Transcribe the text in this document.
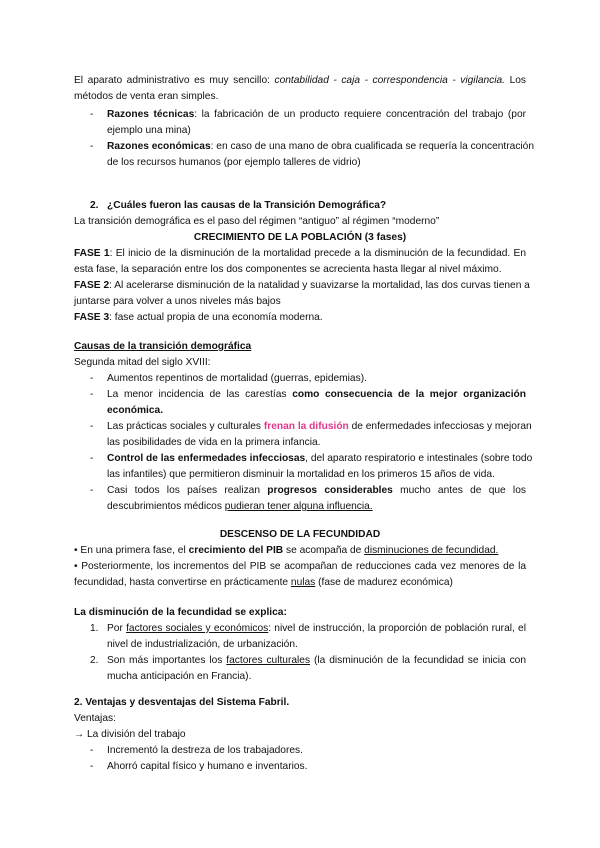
El aparato administrativo es muy sencillo: contabilidad - caja - correspondencia - vigilancia. Los
métodos de venta eran simples.
-	Razones técnicas: la fabricación de un producto requiere concentración del trabajo (por
ejemplo una mina)
-	Razones económicas: en caso de una mano de obra cualificada se requería la concentración
de los recursos humanos (por ejemplo talleres de vidrio)
2. ¿Cuáles fueron las causas de la Transición Demográfica?
La transición demográfica es el paso del régimen “antiguo” al régimen “moderno”
CRECIMIENTO DE LA POBLACIÓN (3 fases)
FASE 1: El inicio de la disminución de la mortalidad precede a la disminución de la fecundidad. En
esta fase, la separación entre los dos componentes se acrecienta hasta llegar al nivel máximo.
FASE 2: Al acelerarse disminución de la natalidad y suavizarse la mortalidad, las dos curvas tienen a
juntarse para volver a unos niveles más bajos
FASE 3: fase actual propia de una economía moderna.
Causas de la transición demográfica
Segunda mitad del siglo XVIII:
-	Aumentos repentinos de mortalidad (guerras, epidemias).
-	La menor incidencia de las carestías como consecuencia de la mejor organización
económica.
-	Las prácticas sociales y culturales frenan la difusión de enfermedades infecciosas y mejoran
las posibilidades de vida en la primera infancia.
-	Control de las enfermedades infecciosas, del aparato respiratorio e intestinales (sobre todo
las infantiles) que permitieron disminuir la mortalidad en los primeros 15 años de vida.
-	Casi todos los países realizan progresos considerables mucho antes de que los
descubrimientos médicos pudieran tener alguna influencia.
DESCENSO DE LA FECUNDIDAD
• En una primera fase, el crecimiento del PIB se acompaña de disminuciones de fecundidad.
• Posteriormente, los incrementos del PIB se acompañan de reducciones cada vez menores de la
fecundidad, hasta convertirse en prácticamente nulas (fase de madurez económica)
La disminución de la fecundidad se explica:
1. Por factores sociales y económicos: nivel de instrucción, la proporción de población rural, el
nivel de industrialización, de urbanización.
2. Son más importantes los factores culturales (la disminución de la fecundidad se inicia con
mucha anticipación en Francia).
2. Ventajas y desventajas del Sistema Fabril.
Ventajas:
→ La división del trabajo
-	Incrementó la destreza de los trabajadores.
-	Ahorró capital físico y humano e inventarios.
